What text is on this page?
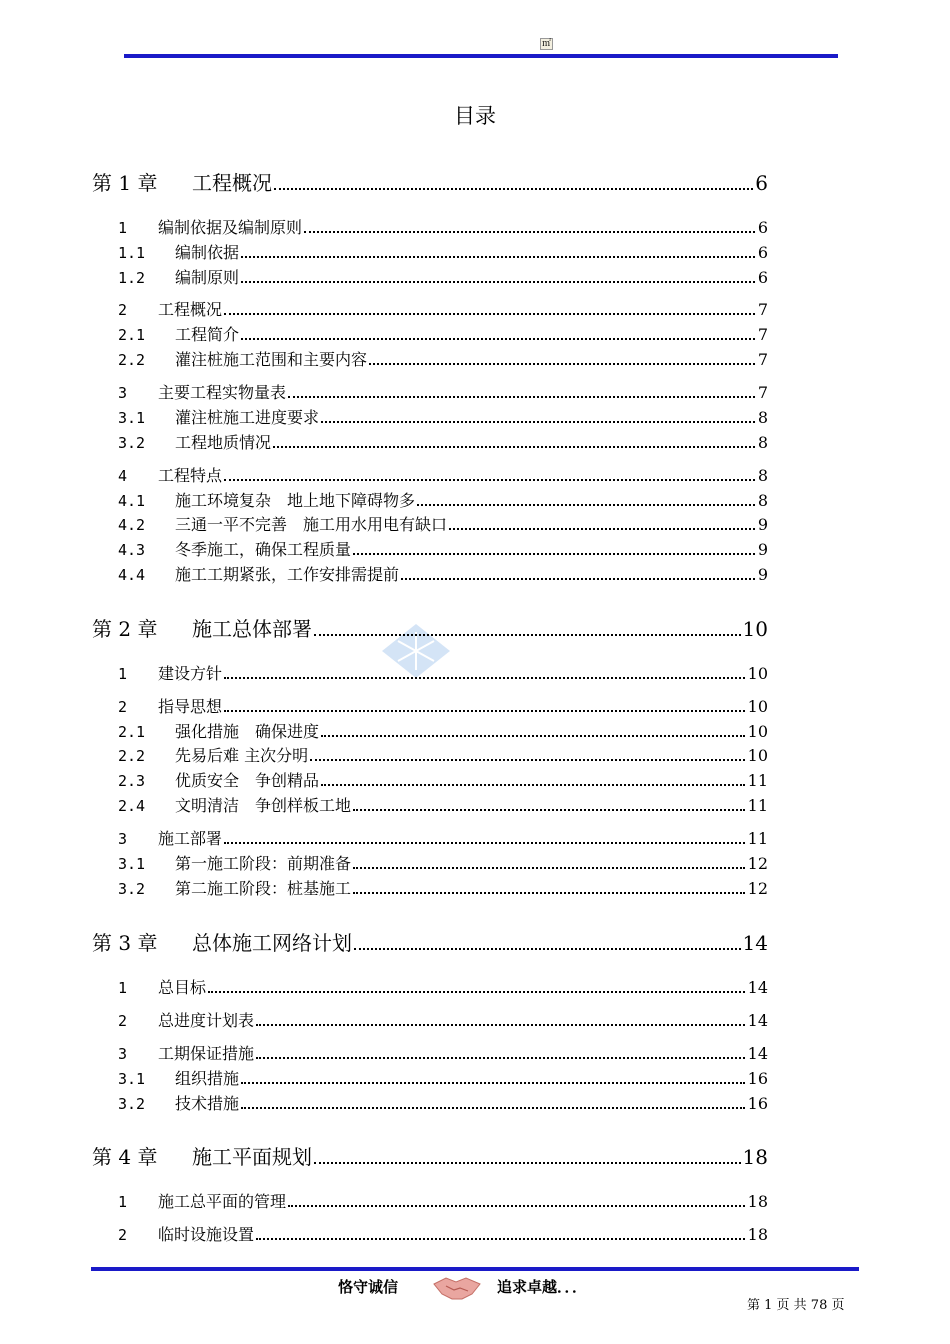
㎡
目录
第 1 章	工程概况	6
1	编制依据及编制原则	6
1.1	编制依据	6
1.2	编制原则	6
2	工程概况	7
2.1	工程简介	7
2.2	灌注桩施工范围和主要内容	7
3	主要工程实物量表	7
3.1	灌注桩施工进度要求	8
3.2	工程地质情况	8
4	工程特点	8
4.1	施工环境复杂　地上地下障碍物多	8
4.2	三通一平不完善　施工用水用电有缺口	9
4.3	冬季施工，确保工程质量	9
4.4	施工工期紧张，工作安排需提前	9
第 2 章	施工总体部署	10
1	建设方针	10
2	指导思想	10
2.1	强化措施　确保进度	10
2.2	先易后难 主次分明	10
2.3	优质安全　争创精品	11
2.4	文明清洁　争创样板工地	11
3	施工部署	11
3.1	第一施工阶段：前期准备	12
3.2	第二施工阶段：桩基施工	12
第 3 章	总体施工网络计划	14
1	总目标	14
2	总进度计划表	14
3	工期保证措施	14
3.1	组织措施	16
3.2	技术措施	16
第 4 章	施工平面规划	18
1	施工总平面的管理	18
2	临时设施设置	18
恪守诚信	追求卓越．．．
第 1 页 共 78 页
